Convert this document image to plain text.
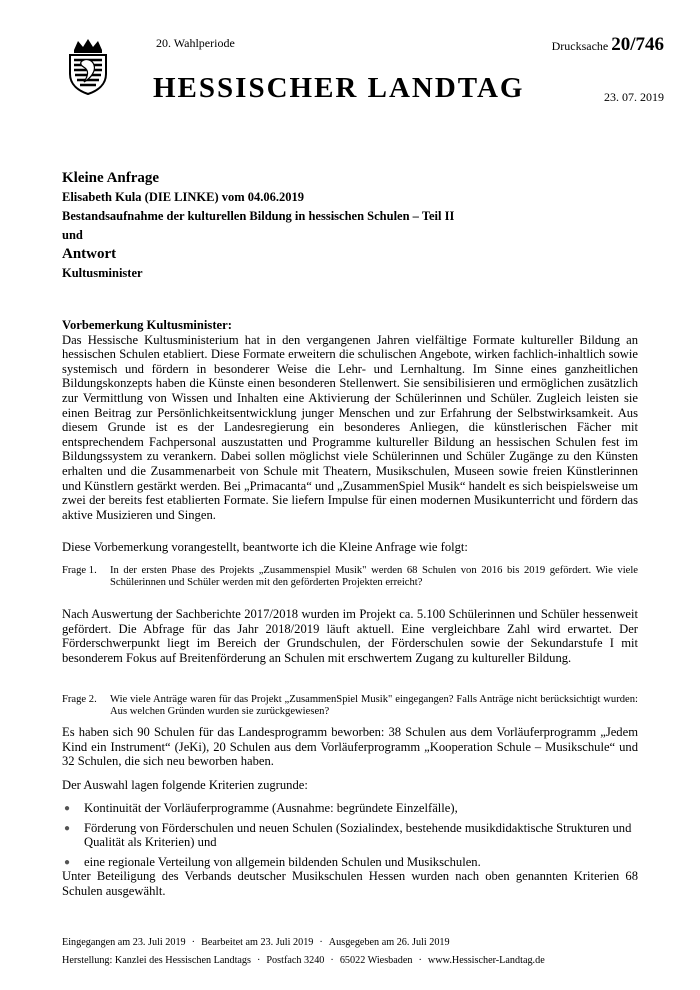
20. Wahlperiode	Drucksache 20/746
HESSISCHER LANDTAG	23. 07. 2019

Kleine Anfrage

Elisabeth Kula (DIE LINKE) vom 04.06.2019

Bestandsaufnahme der kulturellen Bildung in hessischen Schulen – Teil II

und

Antwort

Kultusminister

Vorbemerkung Kultusminister:

Das Hessische Kultusministerium hat in den vergangenen Jahren vielfältige Formate kultureller Bildung an hessischen Schulen etabliert. Diese Formate erweitern die schulischen Angebote, wirken fachlich-inhaltlich sowie systemisch und fördern in besonderer Weise die Lehr- und Lernhaltung. Im Sinne eines ganzheitlichen Bildungskonzepts haben die Künste einen besonderen Stellenwert. Sie sensibilisieren und ermöglichen zusätzlich zur Vermittlung von Wissen und Inhalten eine Aktivierung der Schülerinnen und Schüler. Zugleich leisten sie einen Beitrag zur Persönlichkeitsentwicklung junger Menschen und zur Erfahrung der Selbstwirksamkeit. Aus diesem Grunde ist es der Landesregierung ein besonderes Anliegen, die künstlerischen Fächer mit entsprechendem Fachpersonal auszustatten und Programme kultureller Bildung an hessischen Schulen fest im Bildungssystem zu verankern. Dabei sollen möglichst viele Schülerinnen und Schüler Zugänge zu den Künsten erhalten und die Zusammenarbeit von Schule mit Theatern, Musikschulen, Museen sowie freien Künstlerinnen und Künstlern gestärkt werden. Bei „Primacanta“ und „ZusammenSpiel Musik“ handelt es sich beispielsweise um zwei der bereits fest etablierten Formate. Sie liefern Impulse für einen modernen Musikunterricht und fördern das aktive Musizieren und Singen.

Diese Vorbemerkung vorangestellt, beantworte ich die Kleine Anfrage wie folgt:

Frage 1.	In der ersten Phase des Projekts „Zusammenspiel Musik" werden 68 Schulen von 2016 bis 2019 gefördert. Wie viele Schülerinnen und Schüler werden mit den geförderten Projekten erreicht?

Nach Auswertung der Sachberichte 2017/2018 wurden im Projekt ca. 5.100 Schülerinnen und Schüler hessenweit gefördert. Die Abfrage für das Jahr 2018/2019 läuft aktuell. Eine vergleichbare Zahl wird erwartet. Der Förderschwerpunkt liegt im Bereich der Grundschulen, der Förderschulen sowie der Sekundarstufe I mit besonderem Fokus auf Breitenförderung an Schulen mit erschwertem Zugang zu kultureller Bildung.

Frage 2.	Wie viele Anträge waren für das Projekt „ZusammenSpiel Musik" eingegangen? Falls Anträge nicht berücksichtigt wurden: Aus welchen Gründen wurden sie zurückgewiesen?

Es haben sich 90 Schulen für das Landesprogramm beworben: 38 Schulen aus dem Vorläuferprogramm „Jedem Kind ein Instrument“ (JeKi), 20 Schulen aus dem Vorläuferprogramm „Kooperation Schule – Musikschule“ und 32 Schulen, die sich neu beworben haben.

Der Auswahl lagen folgende Kriterien zugrunde:

● Kontinuität der Vorläuferprogramme (Ausnahme: begründete Einzelfälle),
● Förderung von Förderschulen und neuen Schulen (Sozialindex, bestehende musikdidaktische Strukturen und Qualität als Kriterien) und
● eine regionale Verteilung von allgemein bildenden Schulen und Musikschulen.

Unter Beteiligung des Verbands deutscher Musikschulen Hessen wurden nach oben genannten Kriterien 68 Schulen ausgewählt.

Eingegangen am 23. Juli 2019 · Bearbeitet am 23. Juli 2019 · Ausgegeben am 26. Juli 2019
Herstellung: Kanzlei des Hessischen Landtags · Postfach 3240 · 65022 Wiesbaden · www.Hessischer-Landtag.de
